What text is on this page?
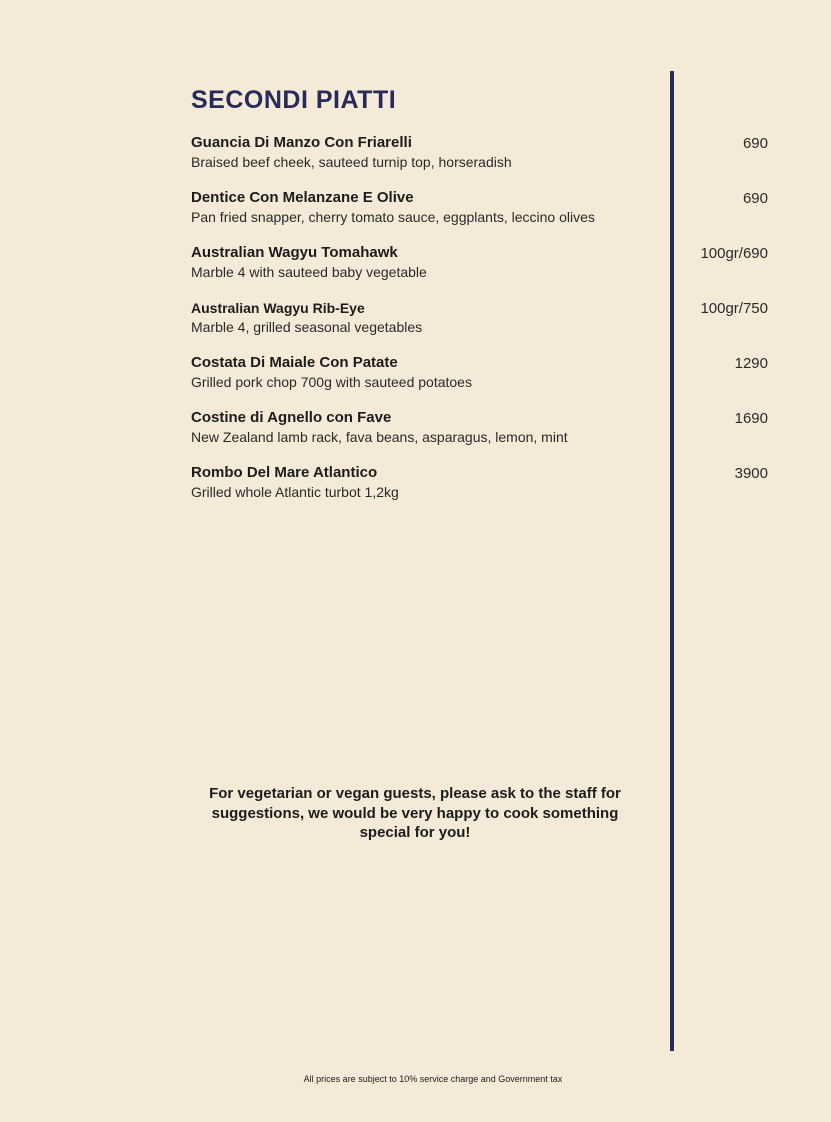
SECONDI PIATTI
Guancia Di Manzo Con Friarelli
Braised beef cheek, sauteed turnip top, horseradish
690
Dentice Con Melanzane E Olive
Pan fried snapper, cherry tomato sauce, eggplants, leccino olives
690
Australian Wagyu Tomahawk
Marble 4 with sauteed baby vegetable
100gr/690
Australian Wagyu Rib-Eye
Marble 4, grilled seasonal vegetables
100gr/750
Costata Di Maiale Con Patate
Grilled pork chop 700g with sauteed potatoes
1290
Costine di Agnello con Fave
New Zealand lamb rack, fava beans, asparagus, lemon, mint
1690
Rombo Del Mare Atlantico
Grilled whole Atlantic turbot 1,2kg
3900

For vegetarian or vegan guests, please ask to the staff for suggestions, we would be very happy to cook something special for you!

All prices are subject to 10% service charge and Government tax
